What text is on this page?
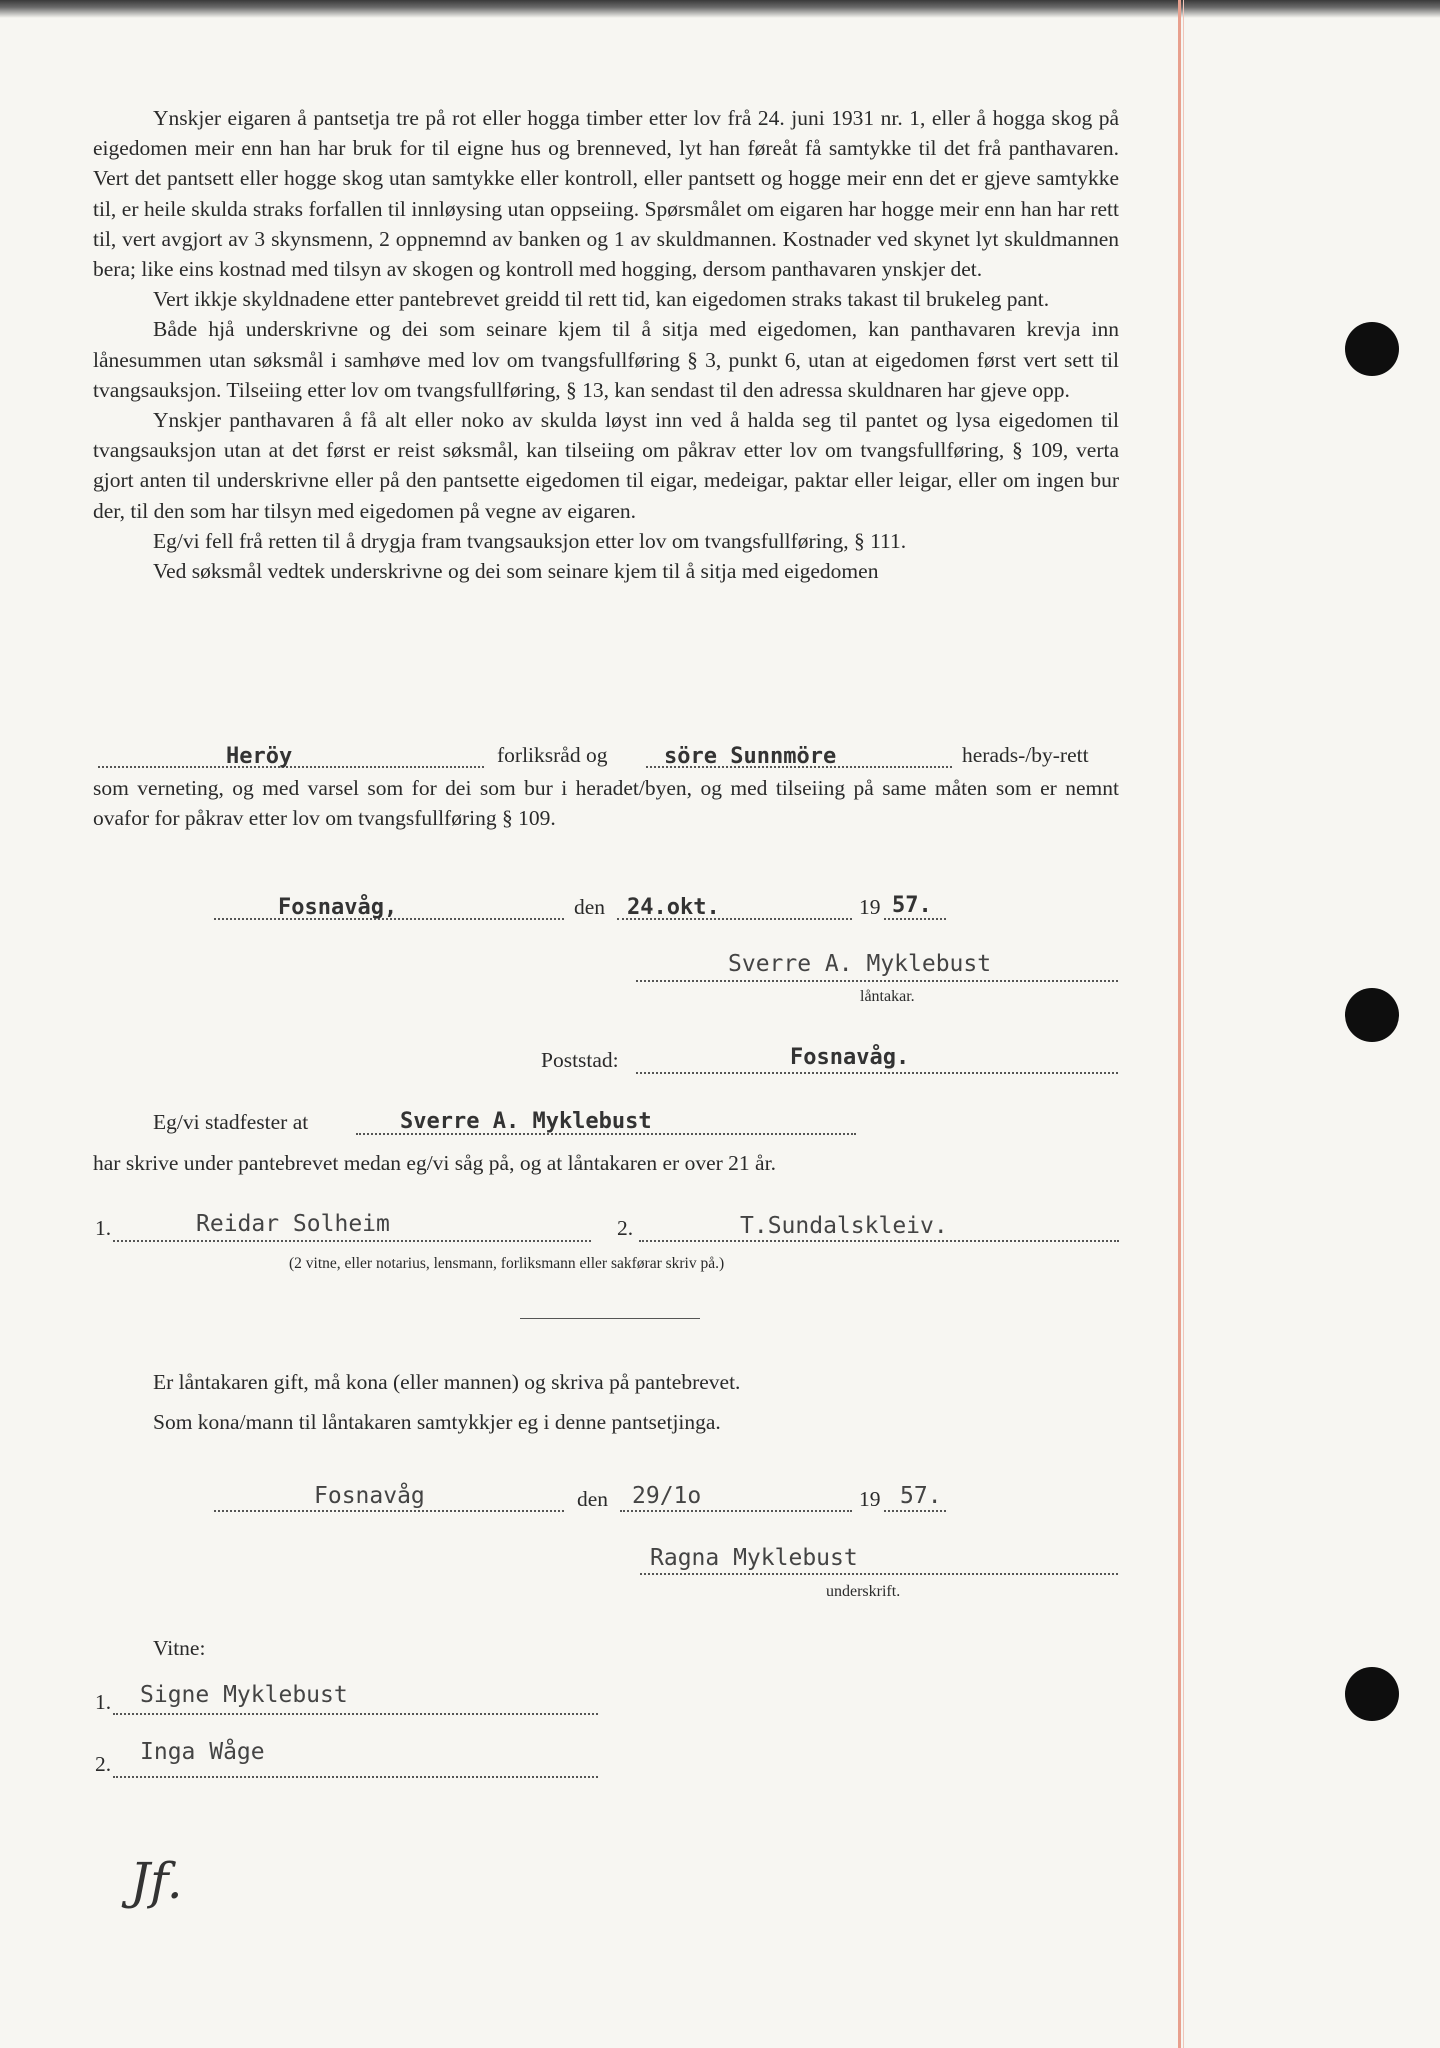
Ynskjer eigaren å pantsetja tre på rot eller hogga timber etter lov frå 24. juni 1931 nr. 1, eller å hogga skog på eigedomen meir enn han har bruk for til eigne hus og brenneved, lyt han føreåt få samtykke til det frå panthavaren. Vert det pantsett eller hogge skog utan samtykke eller kontroll, eller pantsett og hogge meir enn det er gjeve samtykke til, er heile skulda straks forfallen til innløysing utan oppseiing. Spørsmålet om eigaren har hogge meir enn han har rett til, vert avgjort av 3 skynsmenn, 2 oppnemnd av banken og 1 av skuldmannen. Kostnader ved skynet lyt skuldmannen bera; like eins kostnad med tilsyn av skogen og kontroll med hogging, dersom panthavaren ynskjer det.

Vert ikkje skyldnadene etter pantebrevet greidd til rett tid, kan eigedomen straks takast til brukeleg pant.

Både hjå underskrivne og dei som seinare kjem til å sitja med eigedomen, kan panthavaren krevja inn lånesummen utan søksmål i samhøve med lov om tvangsfullføring § 3, punkt 6, utan at eigedomen først vert sett til tvangsauksjon. Tilseiing etter lov om tvangsfullføring, § 13, kan sendast til den adressa skuldnaren har gjeve opp.

Ynskjer panthavaren å få alt eller noko av skulda løyst inn ved å halda seg til pantet og lysa eigedomen til tvangsauksjon utan at det først er reist søksmål, kan tilseiing om påkrav etter lov om tvangsfullføring, § 109, verta gjort anten til underskrivne eller på den pantsette eigedomen til eigar, medeigar, paktar eller leigar, eller om ingen bur der, til den som har tilsyn med eigedomen på vegne av eigaren.

Eg/vi fell frå retten til å drygja fram tvangsauksjon etter lov om tvangsfullføring, § 111.

Ved søksmål vedtek underskrivne og dei som seinare kjem til å sitja med eigedomen

Heröy	forliksråd og	söre Sunnmöre	herads-/by-rett
som verneting, og med varsel som for dei som bur i heradet/byen, og med tilseiing på same måten som er nemnt ovafor for påkrav etter lov om tvangsfullføring § 109.
Fosnavåg,	den 24.okt.	19 57.
Sverre A. Myklebust
låntakar.
Poststad:	Fosnavåg.
Eg/vi stadfester at	Sverre A. Myklebust
har skrive under pantebrevet medan eg/vi såg på, og at låntakaren er over 21 år.
1.	Reidar Solheim	2.	T.Sundalskleiv.
(2 vitne, eller notarius, lensmann, forliksmann eller sakførar skriv på.)
Er låntakaren gift, må kona (eller mannen) og skriva på pantebrevet.
Som kona/mann til låntakaren samtykkjer eg i denne pantsetjinga.
Fosnavåg	den 29/1o	19 57.
Ragna Myklebust
underskrift.
Vitne:
1. Signe Myklebust
2. Inga Wåge
Jf.
